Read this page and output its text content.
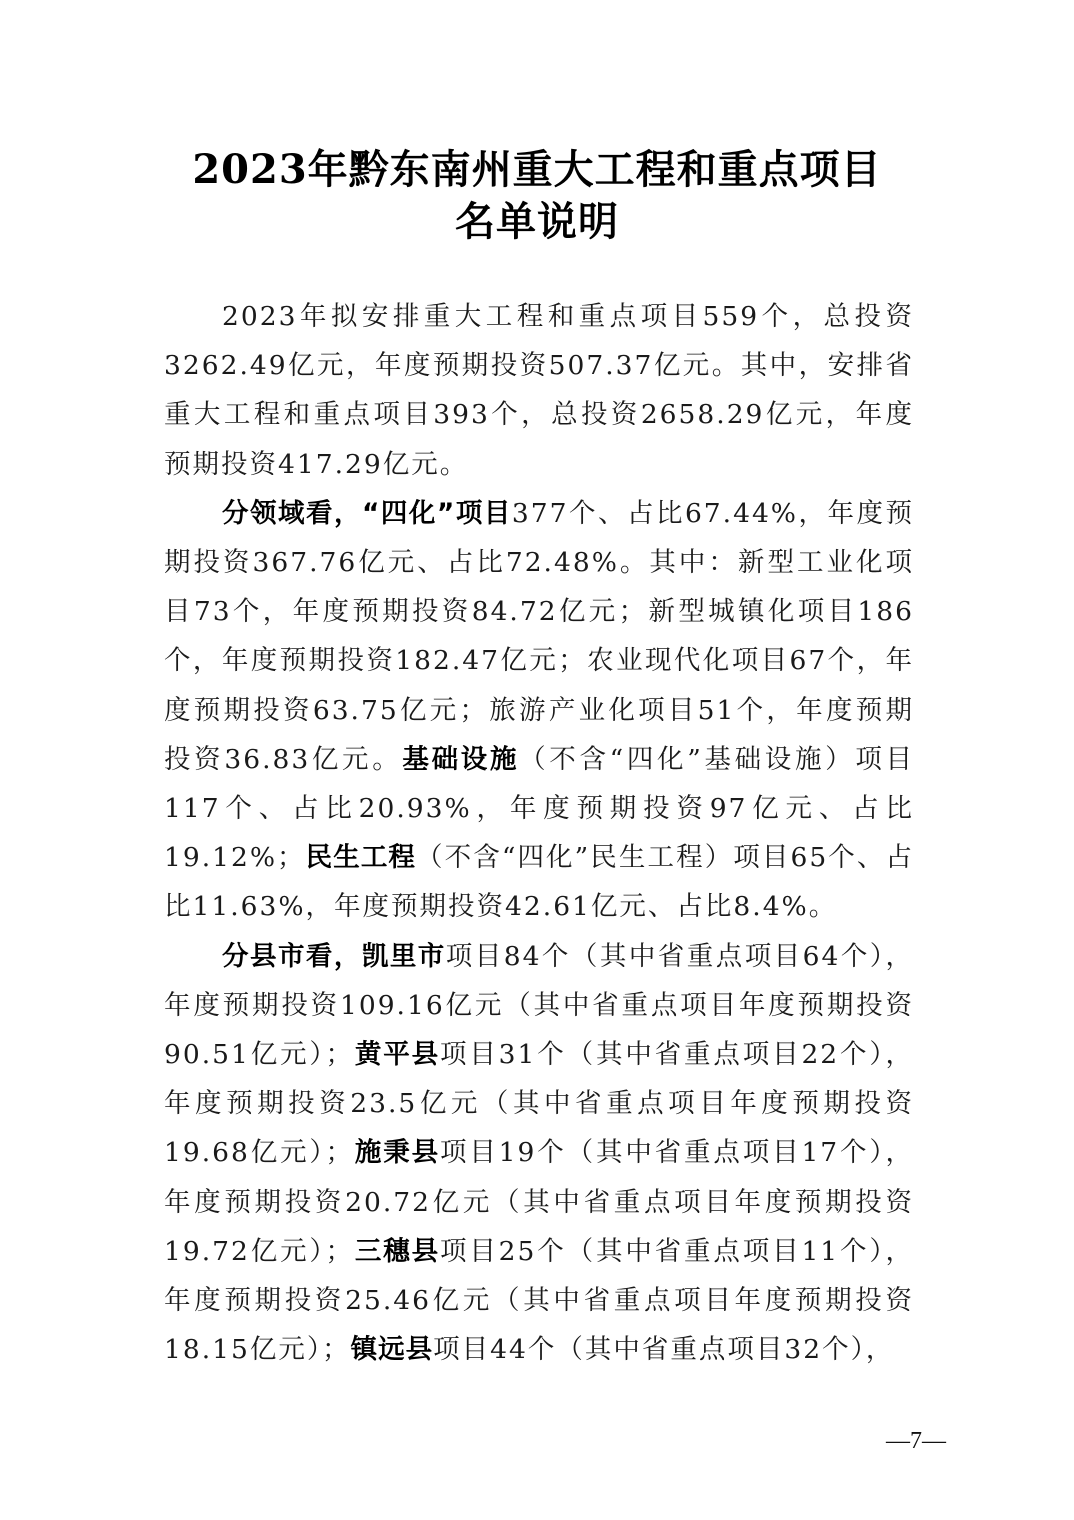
2023年黔东南州重大工程和重点项目
名单说明

2023年拟安排重大工程和重点项目559个，总投资3262.49亿元，年度预期投资507.37亿元。其中，安排省重大工程和重点项目393个，总投资2658.29亿元，年度预期投资417.29亿元。

分领域看，“四化”项目377个、占比67.44%，年度预期投资367.76亿元、占比72.48%。其中：新型工业化项目73个，年度预期投资84.72亿元；新型城镇化项目186个，年度预期投资182.47亿元；农业现代化项目67个，年度预期投资63.75亿元；旅游产业化项目51个，年度预期投资36.83亿元。基础设施（不含“四化”基础设施）项目117个、占比20.93%，年度预期投资97亿元、占比19.12%；民生工程（不含“四化”民生工程）项目65个、占比11.63%，年度预期投资42.61亿元、占比8.4%。

分县市看，凯里市项目84个（其中省重点项目64个），年度预期投资109.16亿元（其中省重点项目年度预期投资90.51亿元）；黄平县项目31个（其中省重点项目22个），年度预期投资23.5亿元（其中省重点项目年度预期投资19.68亿元）；施秉县项目19个（其中省重点项目17个），年度预期投资20.72亿元（其中省重点项目年度预期投资19.72亿元）；三穗县项目25个（其中省重点项目11个），年度预期投资25.46亿元（其中省重点项目年度预期投资18.15亿元）；镇远县项目44个（其中省重点项目32个），

—7—
